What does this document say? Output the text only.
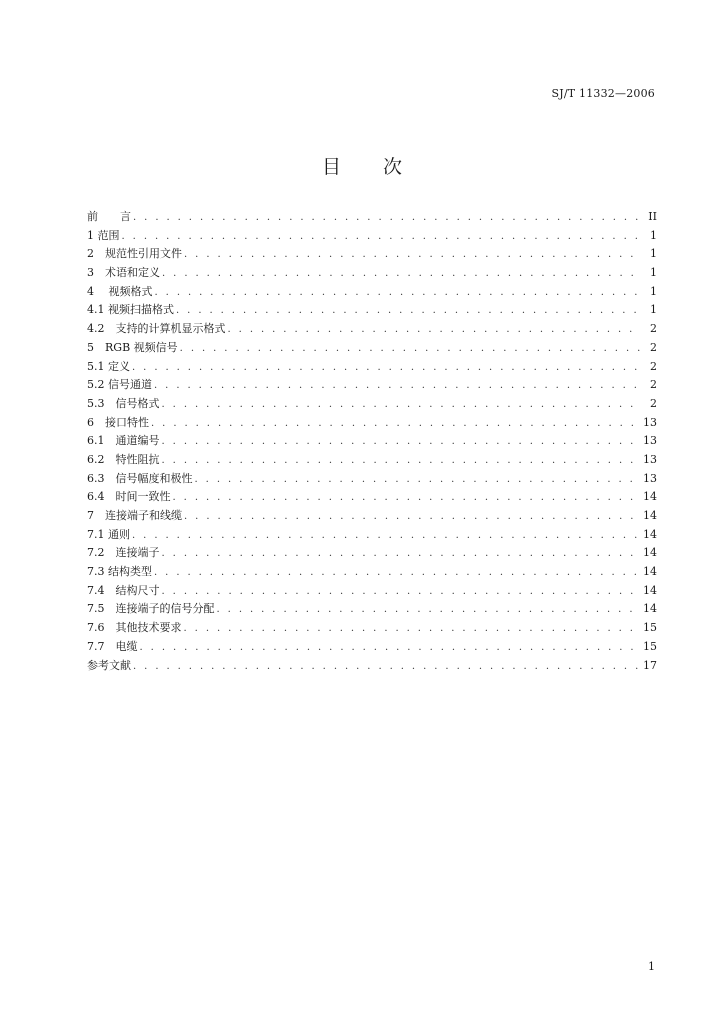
SJ/T 11332—2006
目次
前　　言 . . .	II
1 范围 . . .	1
2　规范性引用文件 . . .	1
3　术语和定义 . . .	1
4　 视频格式 . . .	1
4.1 视频扫描格式 . . .	1
4.2　支持的计算机显示格式 . . .	2
5　RGB 视频信号 . . .	2
5.1 定义 . . .	2
5.2 信号通道 . . .	2
5.3　信号格式 . . .	2
6　接口特性 . . .	13
6.1　通道编号 . . .	13
6.2　特性阻抗 . . .	13
6.3　信号幅度和极性 . . .	13
6.4　时间一致性 . . .	14
7　连接端子和线缆 . . .	14
7.1 通则 . . .	14
7.2　连接端子 . . .	14
7.3 结构类型 . . .	14
7.4　结构尺寸 . . .	14
7.5　连接端子的信号分配 . . .	14
7.6　其他技术要求 . . .	15
7.7　电缆 . . .	15
参考文献 . . .	17
1
